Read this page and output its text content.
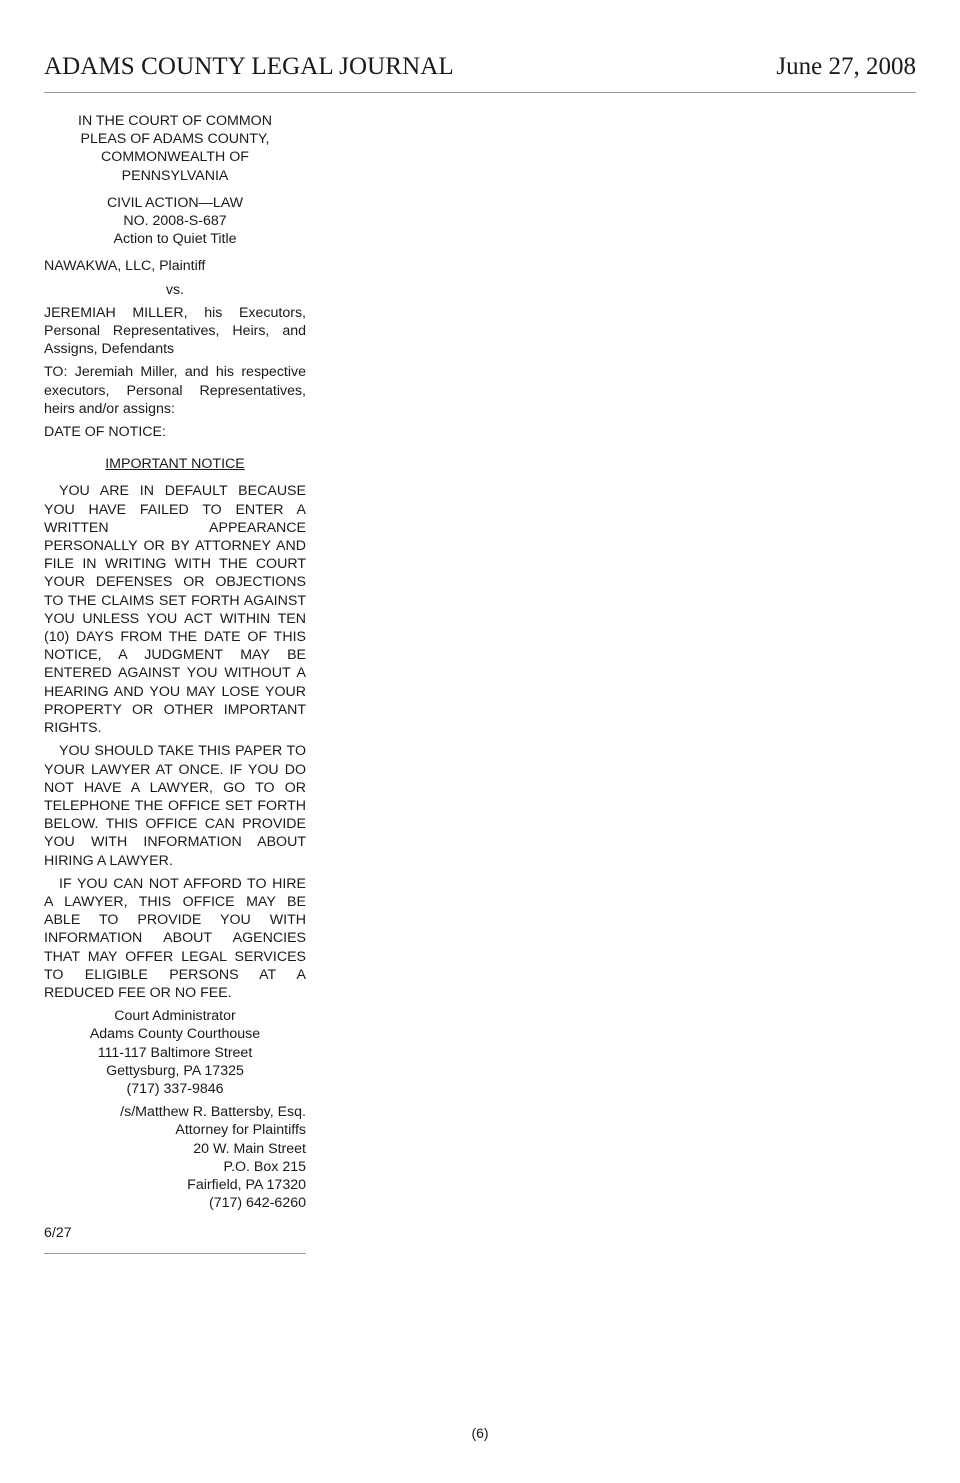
ADAMS COUNTY LEGAL JOURNAL	June 27, 2008
IN THE COURT OF COMMON
PLEAS OF ADAMS COUNTY,
COMMONWEALTH OF
PENNSYLVANIA
CIVIL ACTION—LAW
NO. 2008-S-687
Action to Quiet Title

NAWAKWA, LLC, Plaintiff

vs.

JEREMIAH MILLER, his Executors, Personal Representatives, Heirs, and Assigns, Defendants

TO: Jeremiah Miller, and his respective executors, Personal Representatives, heirs and/or assigns:

DATE OF NOTICE:

IMPORTANT NOTICE

YOU ARE IN DEFAULT BECAUSE YOU HAVE FAILED TO ENTER A WRITTEN APPEARANCE PERSONALLY OR BY ATTORNEY AND FILE IN WRITING WITH THE COURT YOUR DEFENSES OR OBJECTIONS TO THE CLAIMS SET FORTH AGAINST YOU UNLESS YOU ACT WITHIN TEN (10) DAYS FROM THE DATE OF THIS NOTICE, A JUDGMENT MAY BE ENTERED AGAINST YOU WITHOUT A HEARING AND YOU MAY LOSE YOUR PROPERTY OR OTHER IMPORTANT RIGHTS.

YOU SHOULD TAKE THIS PAPER TO YOUR LAWYER AT ONCE. IF YOU DO NOT HAVE A LAWYER, GO TO OR TELEPHONE THE OFFICE SET FORTH BELOW. THIS OFFICE CAN PROVIDE YOU WITH INFORMATION ABOUT HIRING A LAWYER.

IF YOU CAN NOT AFFORD TO HIRE A LAWYER, THIS OFFICE MAY BE ABLE TO PROVIDE YOU WITH INFORMATION ABOUT AGENCIES THAT MAY OFFER LEGAL SERVICES TO ELIGIBLE PERSONS AT A REDUCED FEE OR NO FEE.

Court Administrator
Adams County Courthouse
111-117 Baltimore Street
Gettysburg, PA 17325
(717) 337-9846
/s/Matthew R. Battersby, Esq.
Attorney for Plaintiffs
20 W. Main Street
P.O. Box 215
Fairfield, PA 17320
(717) 642-6260

6/27

(6)
